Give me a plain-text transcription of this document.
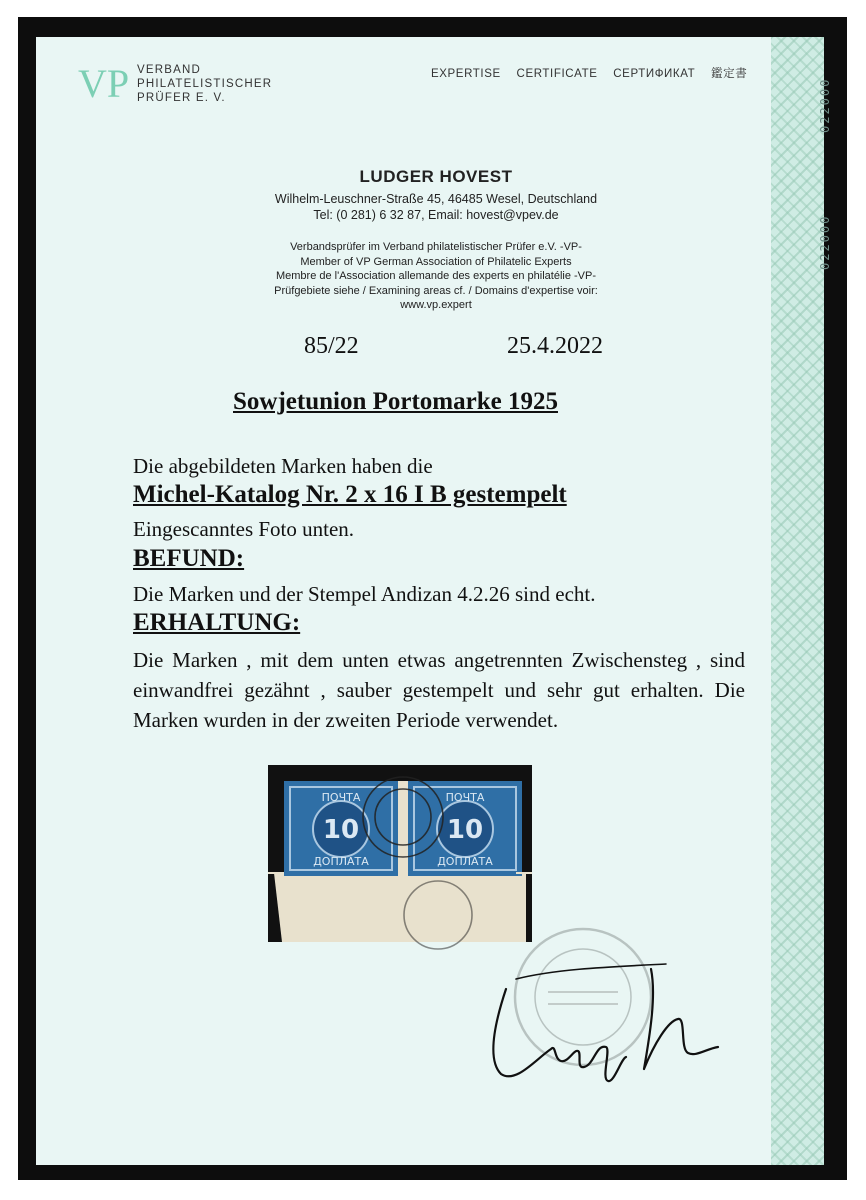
022000
022000
VP VERBAND
PHILATELISTISCHER
PRÜFER E. V.
EXPERTISE CERTIFICATE СЕРТИФИКАТ 鑑定書
LUDGER HOVEST
Wilhelm-Leuschner-Straße 45, 46485 Wesel, Deutschland
Tel: (0 281) 6 32 87, Email: hovest@vpev.de
Verbandsprüfer im Verband philatelistischer Prüfer e.V. -VP-
Member of VP German Association of Philatelic Experts
Membre de l'Association allemande des experts en philatélie -VP-
Prüfgebiete siehe / Examining areas cf. / Domains d'expertise voir:
www.vp.expert
85/22	25.4.2022
Sowjetunion Portomarke 1925
Die abgebildeten Marken haben die
Michel-Katalog Nr. 2 x 16 I B gestempelt
Eingescanntes Foto unten.
BEFUND:
Die Marken und der Stempel Andizan 4.2.26 sind echt.
ERHALTUNG:
Die Marken , mit dem unten etwas angetrennten Zwischensteg , sind einwandfrei gezähnt , sauber gestempelt und sehr gut erhalten. Die Marken wurden in der zweiten Periode verwendet.
ПОЧТА
10
ДОПЛАТА
ПОЧТА
10
ДОПЛАТА
